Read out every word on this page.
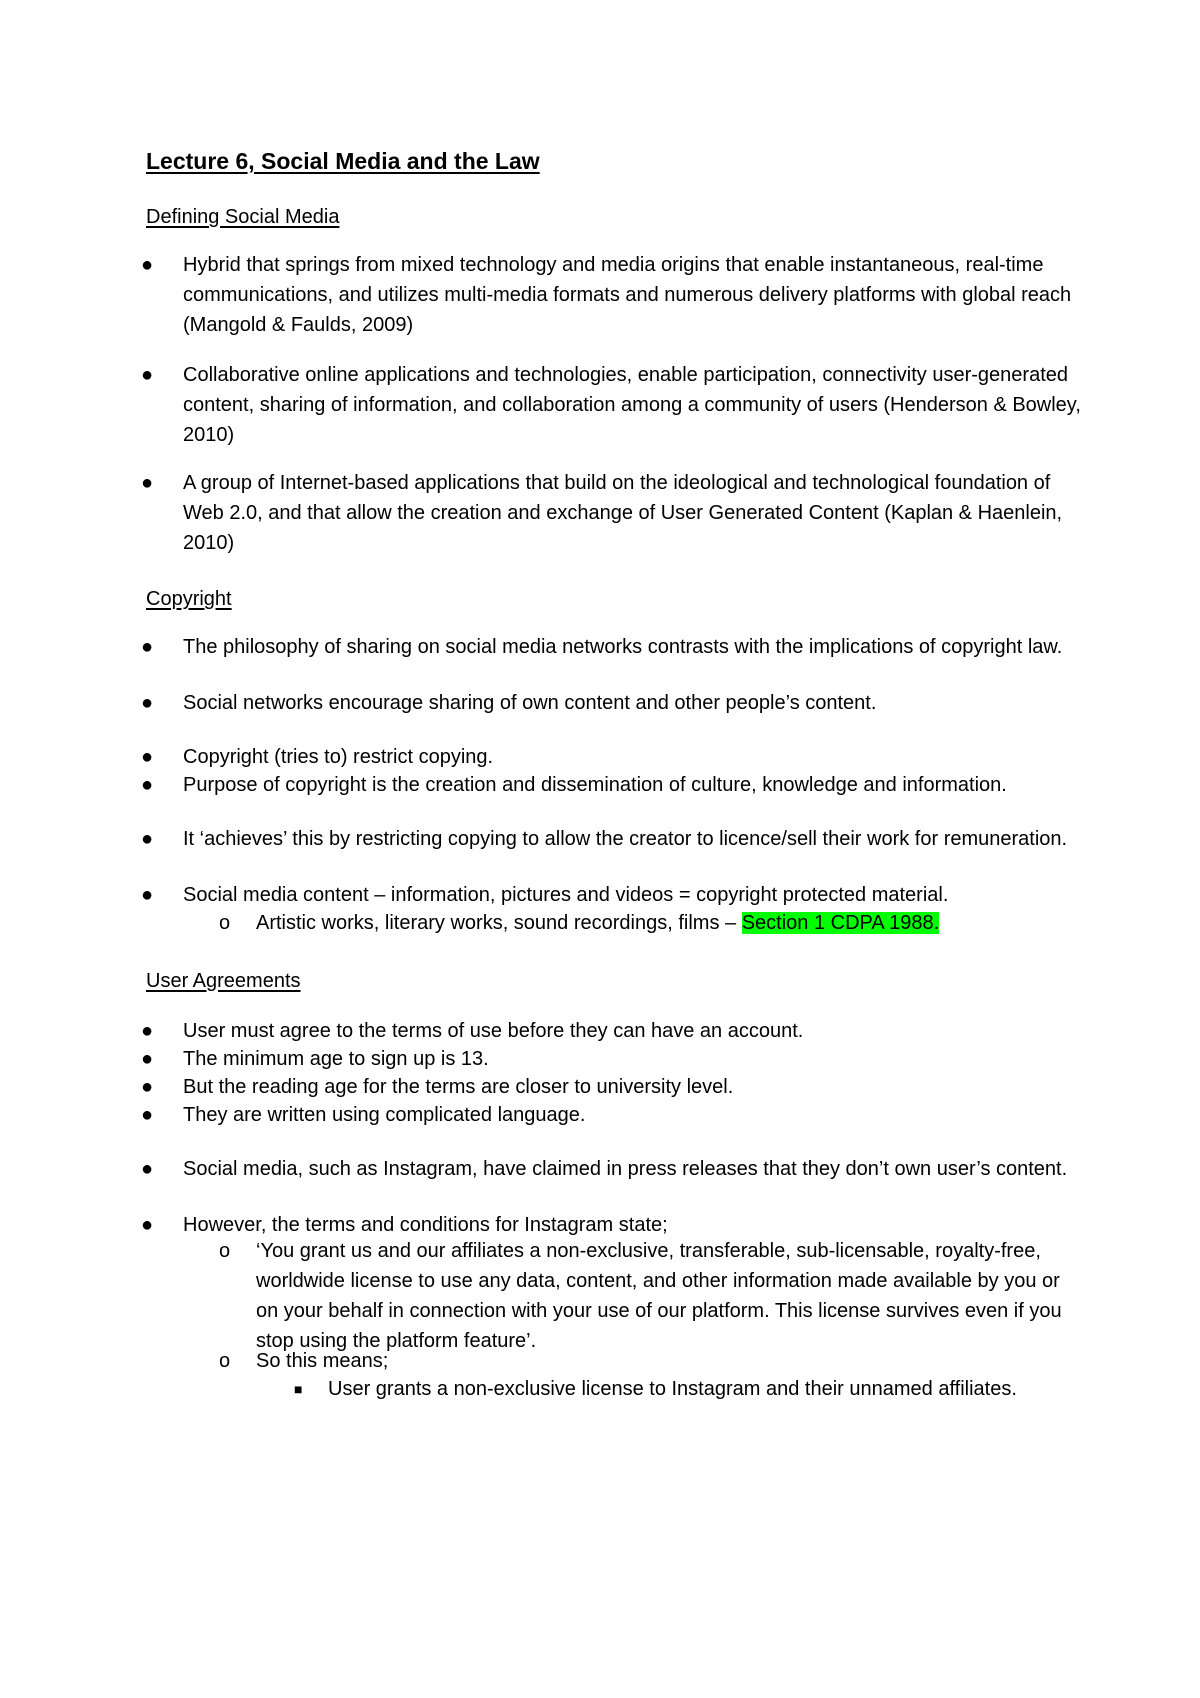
Lecture 6, Social Media and the Law
Defining Social Media
● Hybrid that springs from mixed technology and media origins that enable instantaneous, real-time communications, and utilizes multi-media formats and numerous delivery platforms with global reach (Mangold & Faulds, 2009)
● Collaborative online applications and technologies, enable participation, connectivity user-generated content, sharing of information, and collaboration among a community of users (Henderson & Bowley, 2010)
● A group of Internet-based applications that build on the ideological and technological foundation of Web 2.0, and that allow the creation and exchange of User Generated Content (Kaplan & Haenlein, 2010)
Copyright
● The philosophy of sharing on social media networks contrasts with the implications of copyright law.
● Social networks encourage sharing of own content and other people’s content.
● Copyright (tries to) restrict copying.
● Purpose of copyright is the creation and dissemination of culture, knowledge and information.
● It ‘achieves’ this by restricting copying to allow the creator to licence/sell their work for remuneration.
● Social media content – information, pictures and videos = copyright protected material.
o Artistic works, literary works, sound recordings, films – Section 1 CDPA 1988.
User Agreements
● User must agree to the terms of use before they can have an account.
● The minimum age to sign up is 13.
● But the reading age for the terms are closer to university level.
● They are written using complicated language.
● Social media, such as Instagram, have claimed in press releases that they don’t own user’s content.
● However, the terms and conditions for Instagram state;
o ‘You grant us and our affiliates a non-exclusive, transferable, sub-licensable, royalty-free, worldwide license to use any data, content, and other information made available by you or on your behalf in connection with your use of our platform. This license survives even if you stop using the platform feature’.
o So this means;
■ User grants a non-exclusive license to Instagram and their unnamed affiliates.
